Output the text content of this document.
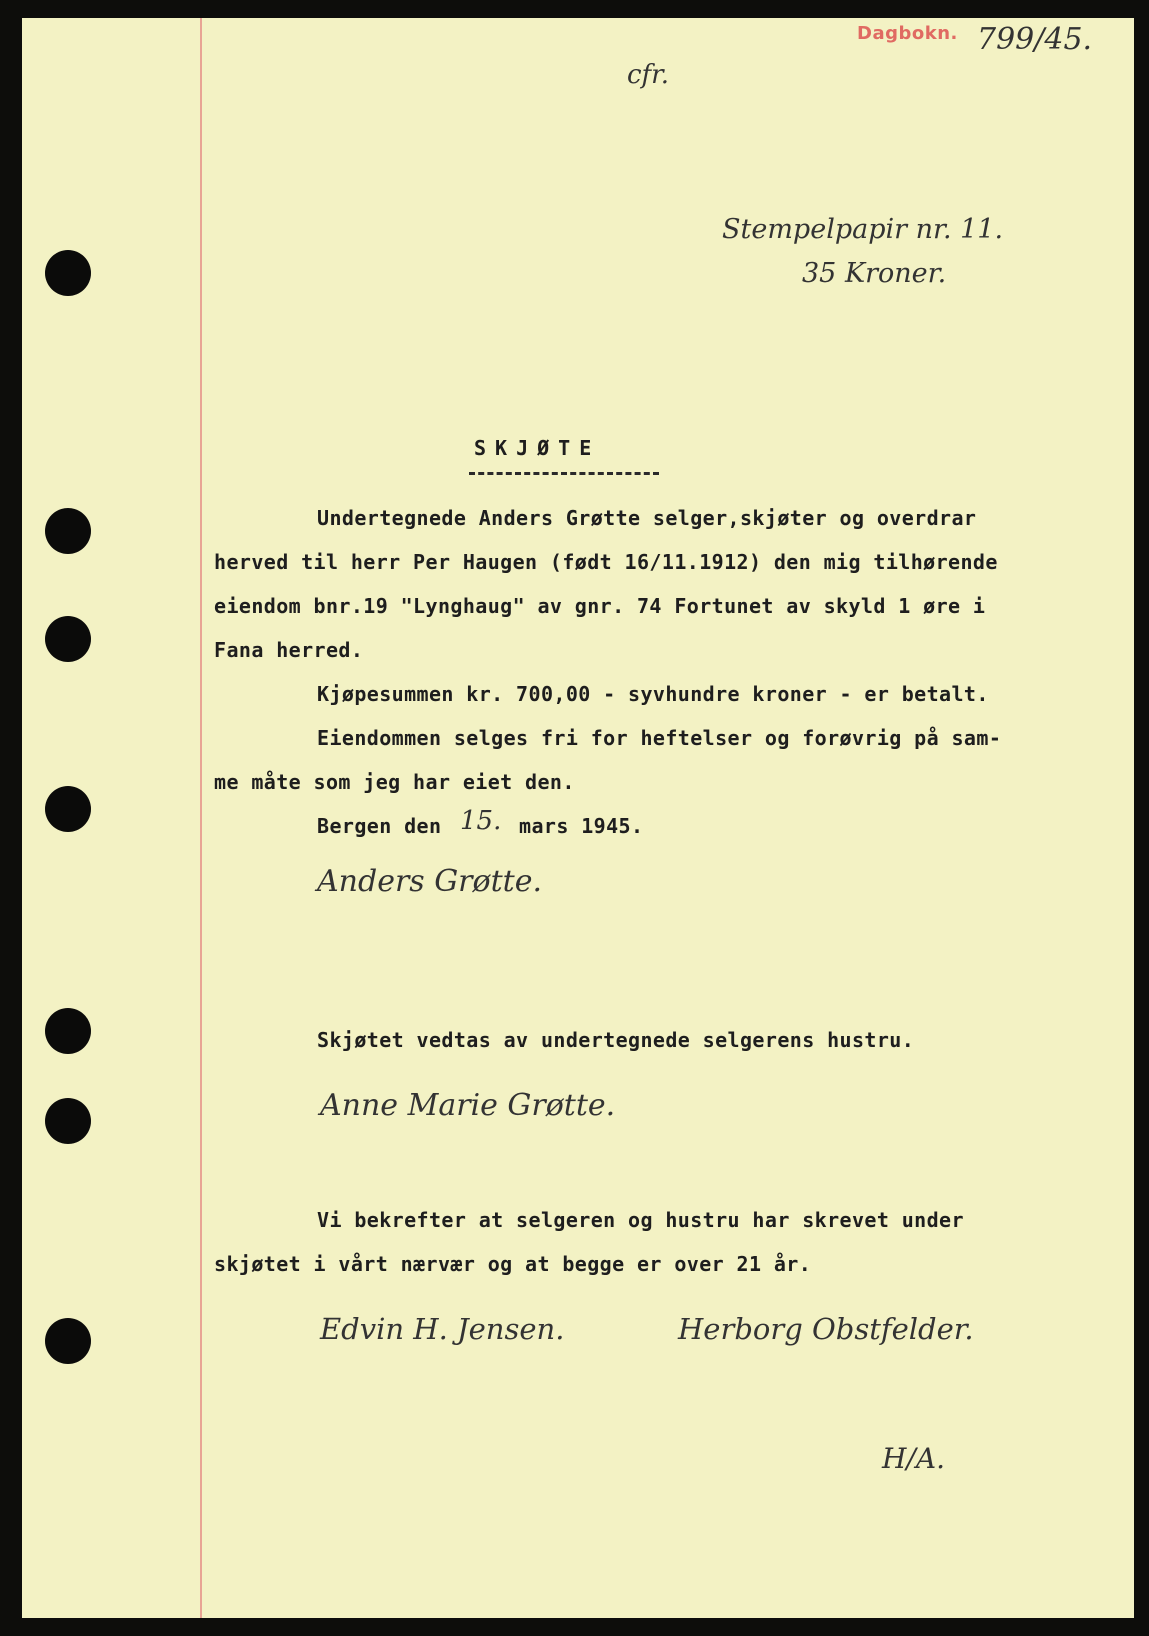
Dagbokn. 799/45.
cfr.
Stempelpapir nr. 11.
35 Kroner.
SKJØTE
Undertegnede Anders Grøtte selger,skjøter og overdrar
herved til herr Per Haugen (født 16/11.1912) den mig tilhørende
eiendom bnr.19 "Lynghaug" av gnr. 74 Fortunet av skyld 1 øre i
Fana herred.
Kjøpesummen kr. 700,00 - syvhundre kroner - er betalt.
Eiendommen selges fri for heftelser og forøvrig på sam-
me måte som jeg har eiet den.
Bergen den 15. mars 1945.
Anders Grøtte.
Skjøtet vedtas av undertegnede selgerens hustru.
Anne Marie Grøtte.
Vi bekrefter at selgeren og hustru har skrevet under
skjøtet i vårt nærvær og at begge er over 21 år.
Edvin H. Jensen.	Herborg Obstfelder.
H/A.
